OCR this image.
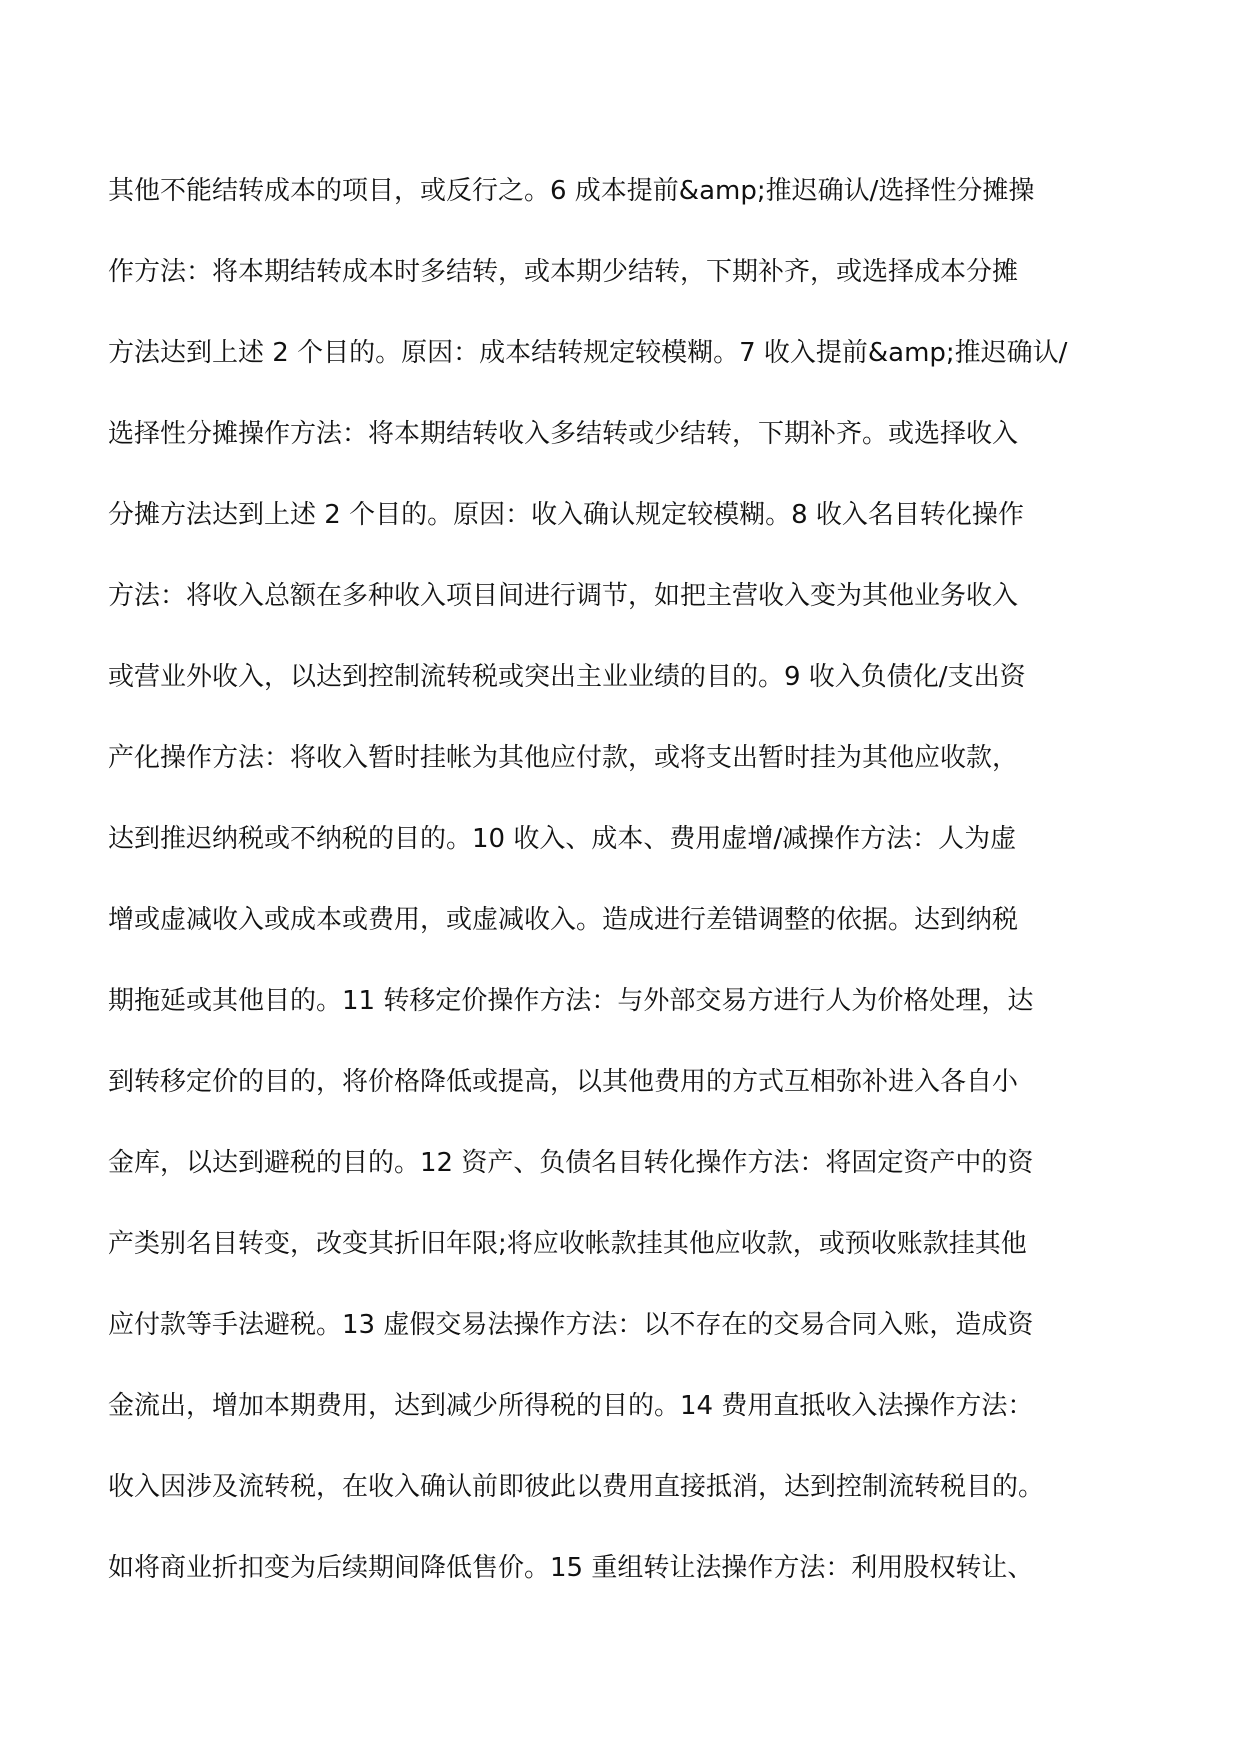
其他不能结转成本的项目，或反行之。6 成本提前&amp;推迟确认/选择性分摊操
作方法：将本期结转成本时多结转，或本期少结转，下期补齐，或选择成本分摊
方法达到上述 2 个目的。原因：成本结转规定较模糊。7 收入提前&amp;推迟确认/
选择性分摊操作方法：将本期结转收入多结转或少结转，下期补齐。或选择收入
分摊方法达到上述 2 个目的。原因：收入确认规定较模糊。8 收入名目转化操作
方法：将收入总额在多种收入项目间进行调节，如把主营收入变为其他业务收入
或营业外收入，以达到控制流转税或突出主业业绩的目的。9 收入负债化/支出资
产化操作方法：将收入暂时挂帐为其他应付款，或将支出暂时挂为其他应收款，
达到推迟纳税或不纳税的目的。10 收入、成本、费用虚增/减操作方法：人为虚
增或虚减收入或成本或费用，或虚减收入。造成进行差错调整的依据。达到纳税
期拖延或其他目的。11 转移定价操作方法：与外部交易方进行人为价格处理，达
到转移定价的目的，将价格降低或提高，以其他费用的方式互相弥补进入各自小
金库，以达到避税的目的。12 资产、负债名目转化操作方法：将固定资产中的资
产类别名目转变，改变其折旧年限;将应收帐款挂其他应收款，或预收账款挂其他
应付款等手法避税。13 虚假交易法操作方法：以不存在的交易合同入账，造成资
金流出，增加本期费用，达到减少所得税的目的。14 费用直抵收入法操作方法：
收入因涉及流转税，在收入确认前即彼此以费用直接抵消，达到控制流转税目的。
如将商业折扣变为后续期间降低售价。15 重组转让法操作方法：利用股权转让、
